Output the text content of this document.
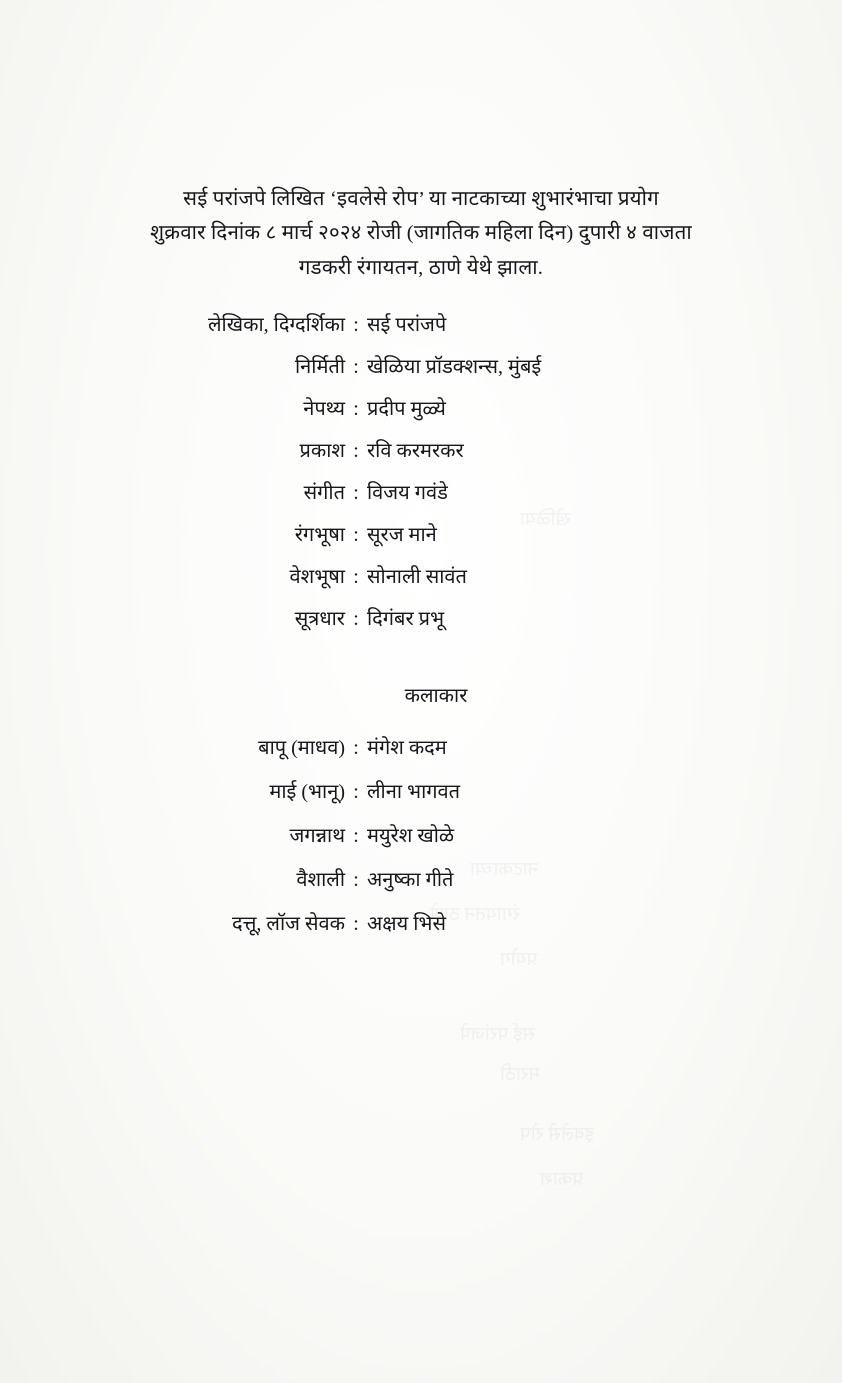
सई परांजपे लिखित ‘इवलेसे रोप’ या नाटकाच्या शुभारंभाचा प्रयोग
शुक्रवार दिनांक ८ मार्च २०२४ रोजी (जागतिक महिला दिन) दुपारी ४ वाजता
गडकरी रंगायतन, ठाणे येथे झाला.
लेखिका, दिग्दर्शिका : सई परांजपे
निर्मिती : खेळिया प्रॉडक्शन्स, मुंबई
नेपथ्य : प्रदीप मुळ्ये
प्रकाश : रवि करमरकर
संगीत : विजय गवंडे
रंगभूषा : सूरज माने
वेशभूषा : सोनाली सावंत
सूत्रधार : दिगंबर प्रभू
कलाकार
बापू (माधव) : मंगेश कदम
माई (भानू) : लीना भागवत
जगन्नाथ : मयुरेश खोळे
वैशाली : अनुष्का गीते
दत्तू, लॉज सेवक : अक्षय भिसे
